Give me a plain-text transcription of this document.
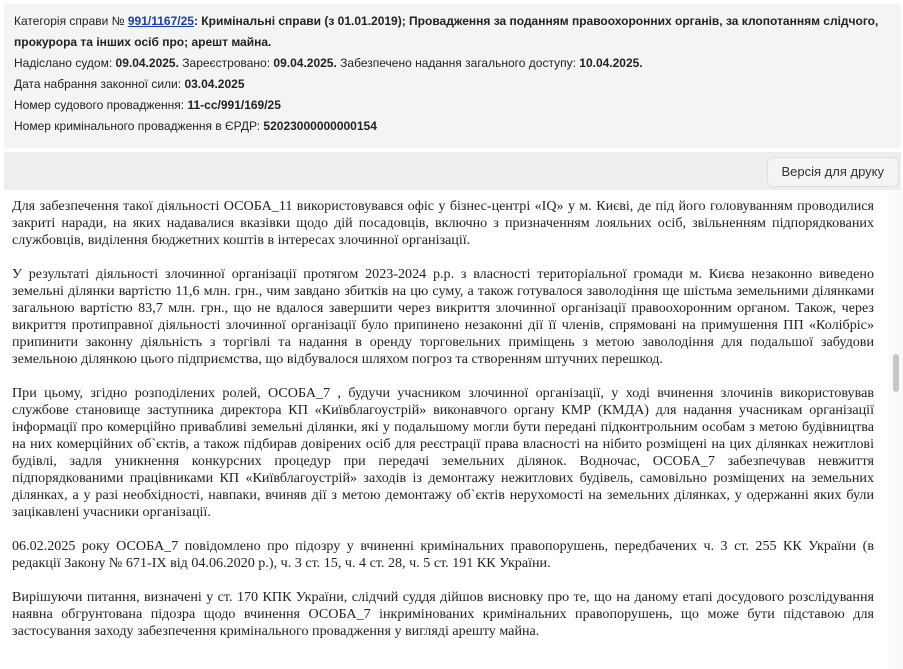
Категорія справи № 991/1167/25: Кримінальні справи (з 01.01.2019); Провадження за поданням правоохоронних органів, за клопотанням слідчого, прокурора та інших осіб про; арешт майна.
Надіслано судом: 09.04.2025. Зареєстровано: 09.04.2025. Забезпечено надання загального доступу: 10.04.2025.
Дата набрання законної сили: 03.04.2025
Номер судового провадження: 11-сс/991/169/25
Номер кримінального провадження в ЄРДР: 52023000000000154
Версія для друку

Для забезпечення такої діяльності ОСОБА_11 використовувався офіс у бізнес-центрі «IQ» у м. Києві, де під його головуванням проводилися закриті наради, на яких надавалися вказівки щодо дій посадовців, включно з призначенням лояльних осіб, звільненням підпорядкованих службовців, виділення бюджетних коштів в інтересах злочинної організації.

У результаті діяльності злочинної організації протягом 2023-2024 р.р. з власності територіальної громади м. Києва незаконно виведено земельні ділянки вартістю 11,6 млн. грн., чим завдано збитків на цю суму, а також готувалося заволодіння ще шістьма земельними ділянками загальною вартістю 83,7 млн. грн., що не вдалося завершити через викриття злочинної організації правоохоронним органом. Також, через викриття протиправної діяльності злочинної організації було припинено незаконні дії її членів, спрямовані на примушення ПП «Колібріс» припинити законну діяльність з торгівлі та надання в оренду торговельних приміщень з метою заволодіння для подальшої забудови земельною ділянкою цього підприємства, що відбувалося шляхом погроз та створенням штучних перешкод.

При цьому, згідно розподілених ролей, ОСОБА_7 , будучи учасником злочинної організації, у ході вчинення злочинів використовував службове становище заступника директора КП «Київблагоустрій» виконавчого органу КМР (КМДА) для надання учасникам організації інформації про комерційно привабливі земельні ділянки, які у подальшому могли бути передані підконтрольним особам з метою будівництва на них комерційних об`єктів, а також підбирав довірених осіб для реєстрації права власності на нібито розміщені на цих ділянках нежитлові будівлі, задля уникнення конкурсних процедур при передачі земельних ділянок. Водночас, ОСОБА_7 забезпечував невжиття підпорядкованими працівниками КП «Київблагоустрій» заходів із демонтажу нежитлових будівель, самовільно розміщених на земельних ділянках, а у разі необхідності, навпаки, вчиняв дії з метою демонтажу об`єктів нерухомості на земельних ділянках, у одержанні яких були зацікавлені учасники організації.

06.02.2025 року ОСОБА_7 повідомлено про підозру у вчиненні кримінальних правопорушень, передбачених ч. 3 ст. 255 КК України (в редакції Закону № 671-IX від 04.06.2020 р.), ч. 3 ст. 15, ч. 4 ст. 28, ч. 5 ст. 191 КК України.

Вирішуючи питання, визначені у ст. 170 КПК України, слідчий суддя дійшов висновку про те, що на даному етапі досудового розслідування наявна обгрунтована підозра щодо вчинення ОСОБА_7 інкримінованих кримінальних правопорушень, що може бути підставою для застосування заходу забезпечення кримінального провадження у вигляді арешту майна.
